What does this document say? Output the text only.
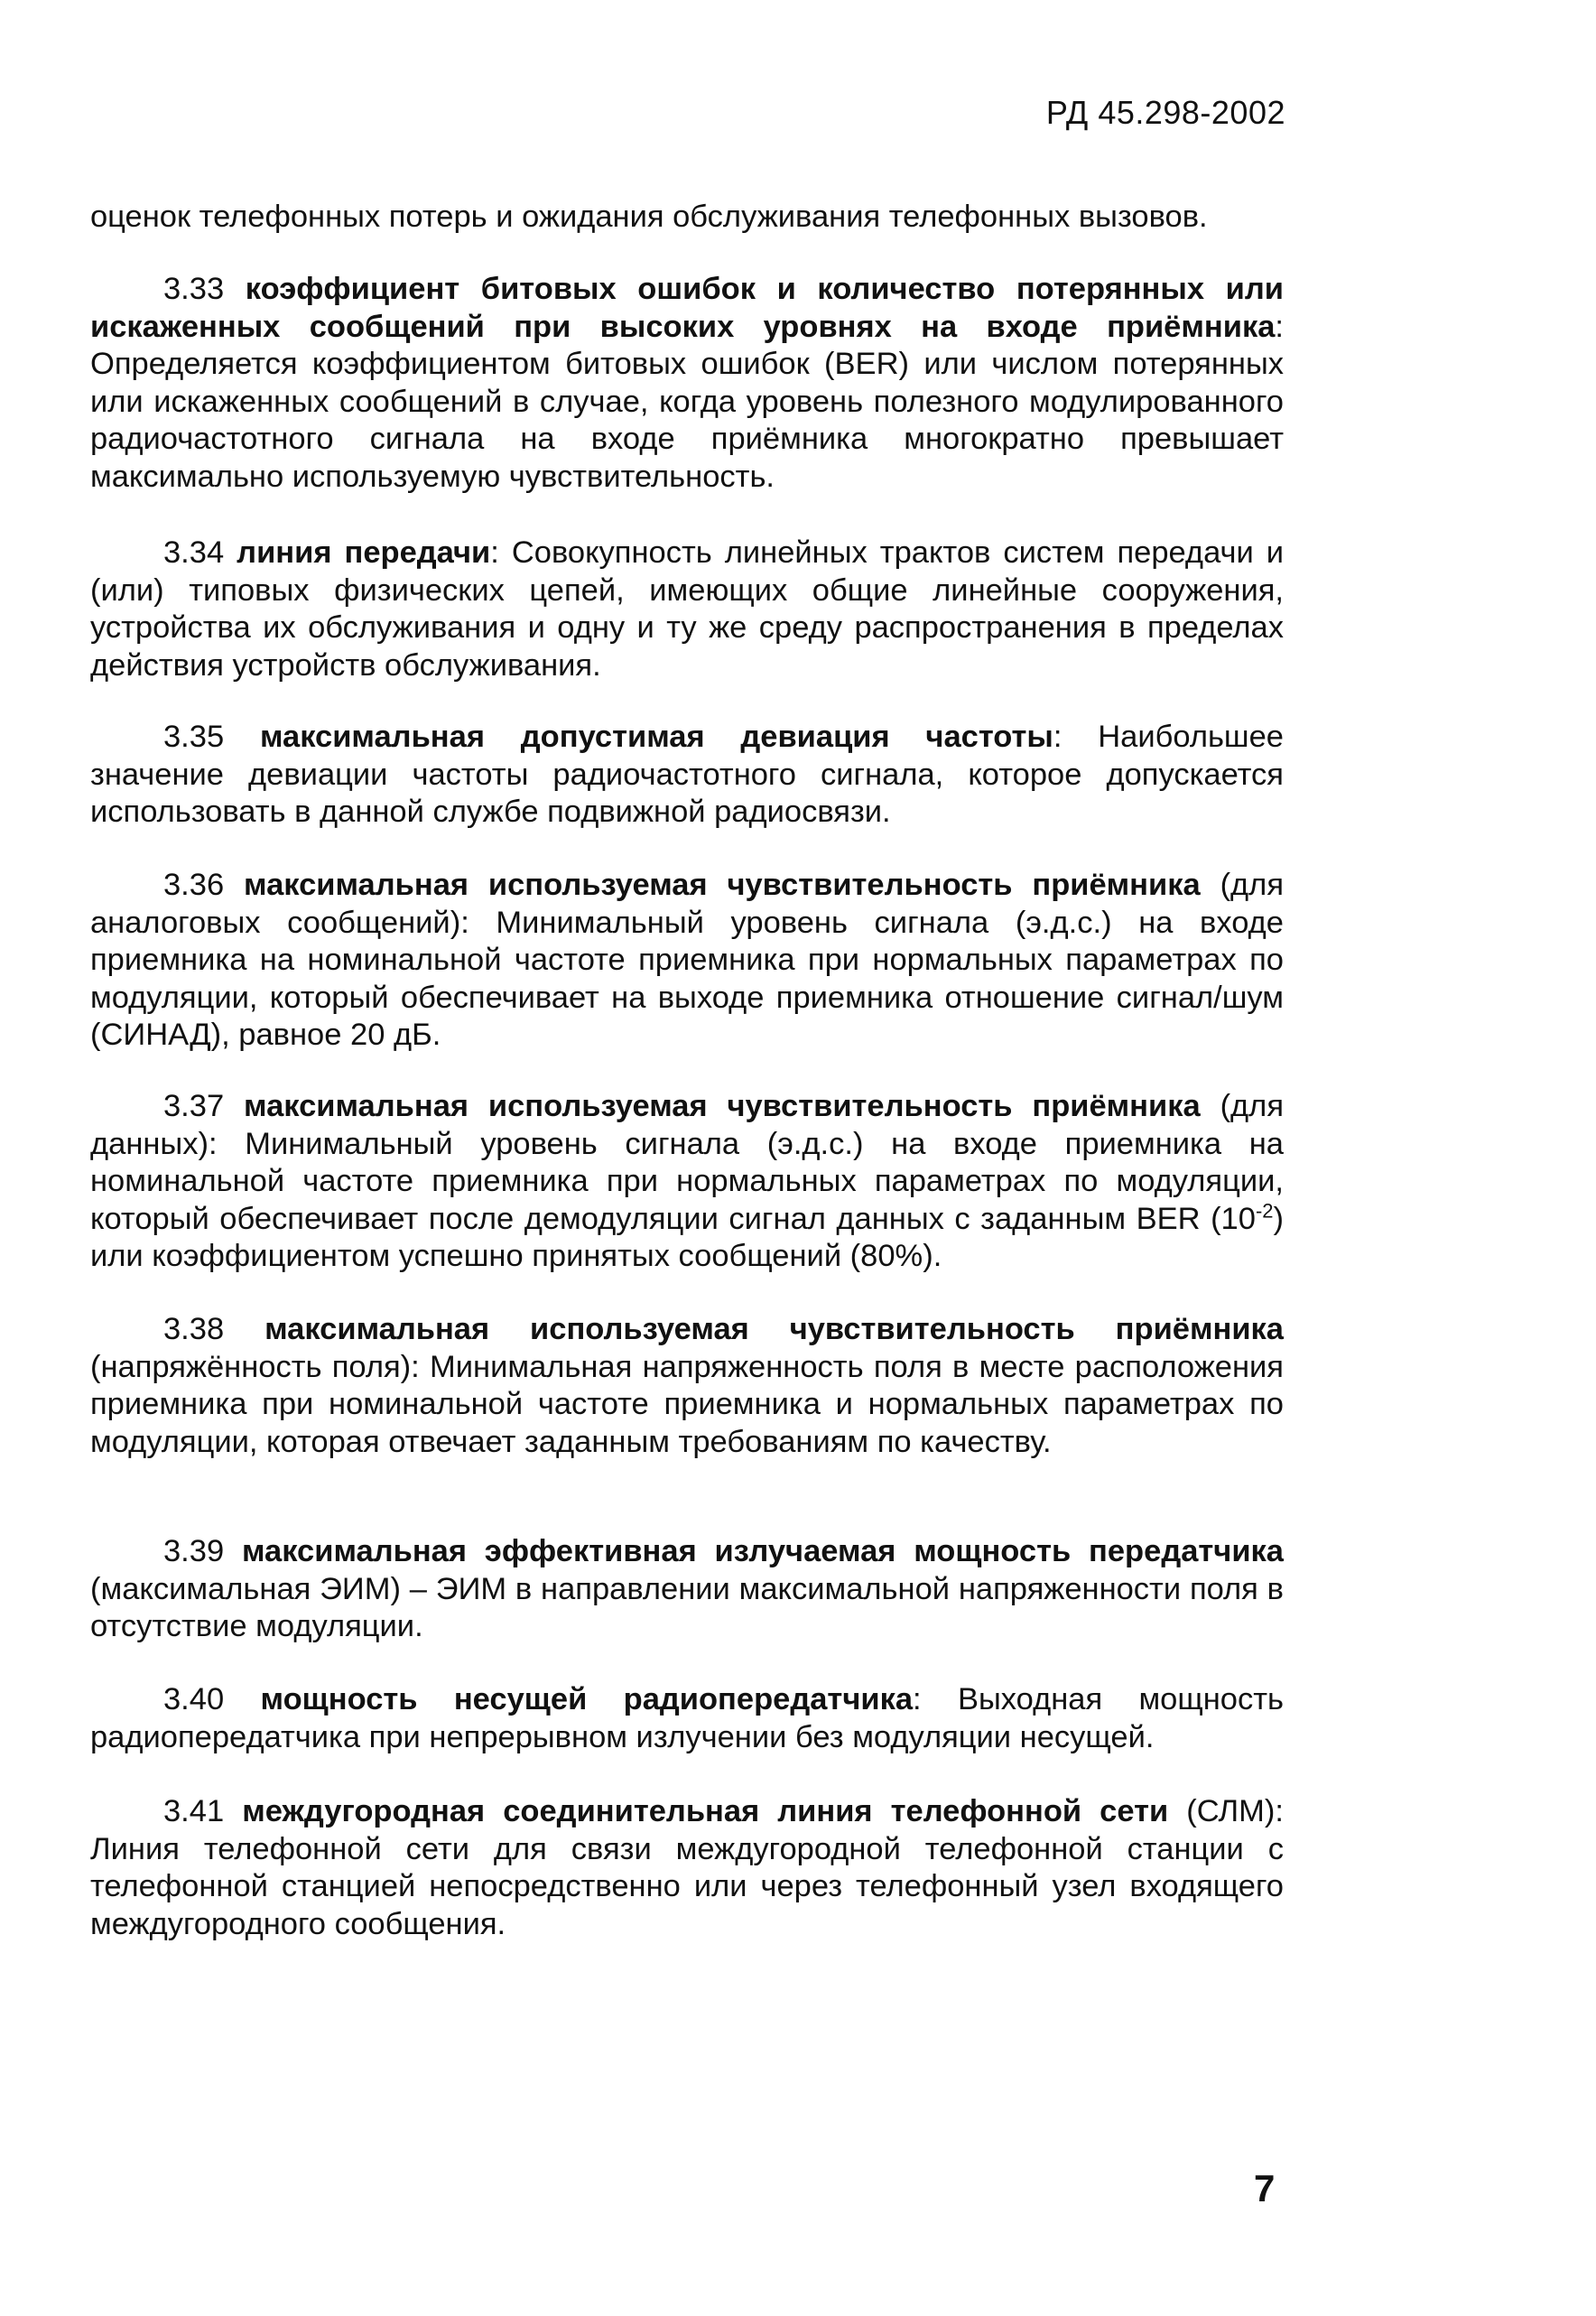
РД 45.298-2002

оценок телефонных потерь и ожидания обслуживания телефонных вызовов.

3.33 коэффициент битовых ошибок и количество потерянных или искаженных сообщений при высоких уровнях на входе приёмника: Определяется коэффициентом битовых ошибок (BER) или числом потерянных или искаженных сообщений в случае, когда уровень полезного модулированного радиочастотного сигнала на входе приёмника многократно превышает максимально используемую чувствительность.

3.34 линия передачи: Совокупность линейных трактов систем передачи и (или) типовых физических цепей, имеющих общие линейные сооружения, устройства их обслуживания и одну и ту же среду распространения в пределах действия устройств обслуживания.

3.35 максимальная допустимая девиация частоты: Наибольшее значение девиации частоты радиочастотного сигнала, которое допускается использовать в данной службе подвижной радиосвязи.

3.36 максимальная используемая чувствительность приёмника (для аналоговых сообщений): Минимальный уровень сигнала (э.д.с.) на входе приемника на номинальной частоте приемника при нормальных параметрах по модуляции, который обеспечивает на выходе приемника отношение сигнал/шум (СИНАД), равное 20 дБ.

3.37 максимальная используемая чувствительность приёмника (для данных): Минимальный уровень сигнала (э.д.с.) на входе приемника на номинальной частоте приемника при нормальных параметрах по модуляции, который обеспечивает после демодуляции сигнал данных с заданным BER $(10^{-2})$ или коэффициентом успешно принятых сообщений (80%).

3.38 максимальная используемая чувствительность приёмника (напряжённость поля): Минимальная напряженность поля в месте расположения приемника при номинальной частоте приемника и нормальных параметрах по модуляции, которая отвечает заданным требованиям по качеству.

3.39 максимальная эффективная излучаемая мощность передатчика (максимальная ЭИМ) – ЭИМ в направлении максимальной напряженности поля в отсутствие модуляции.

3.40 мощность несущей радиопередатчика: Выходная мощность радиопередатчика при непрерывном излучении без модуляции несущей.

3.41 междугородная соединительная линия телефонной сети (СЛМ): Линия телефонной сети для связи междугородной телефонной станции с телефонной станцией непосредственно или через телефонный узел входящего междугородного сообщения.

7
